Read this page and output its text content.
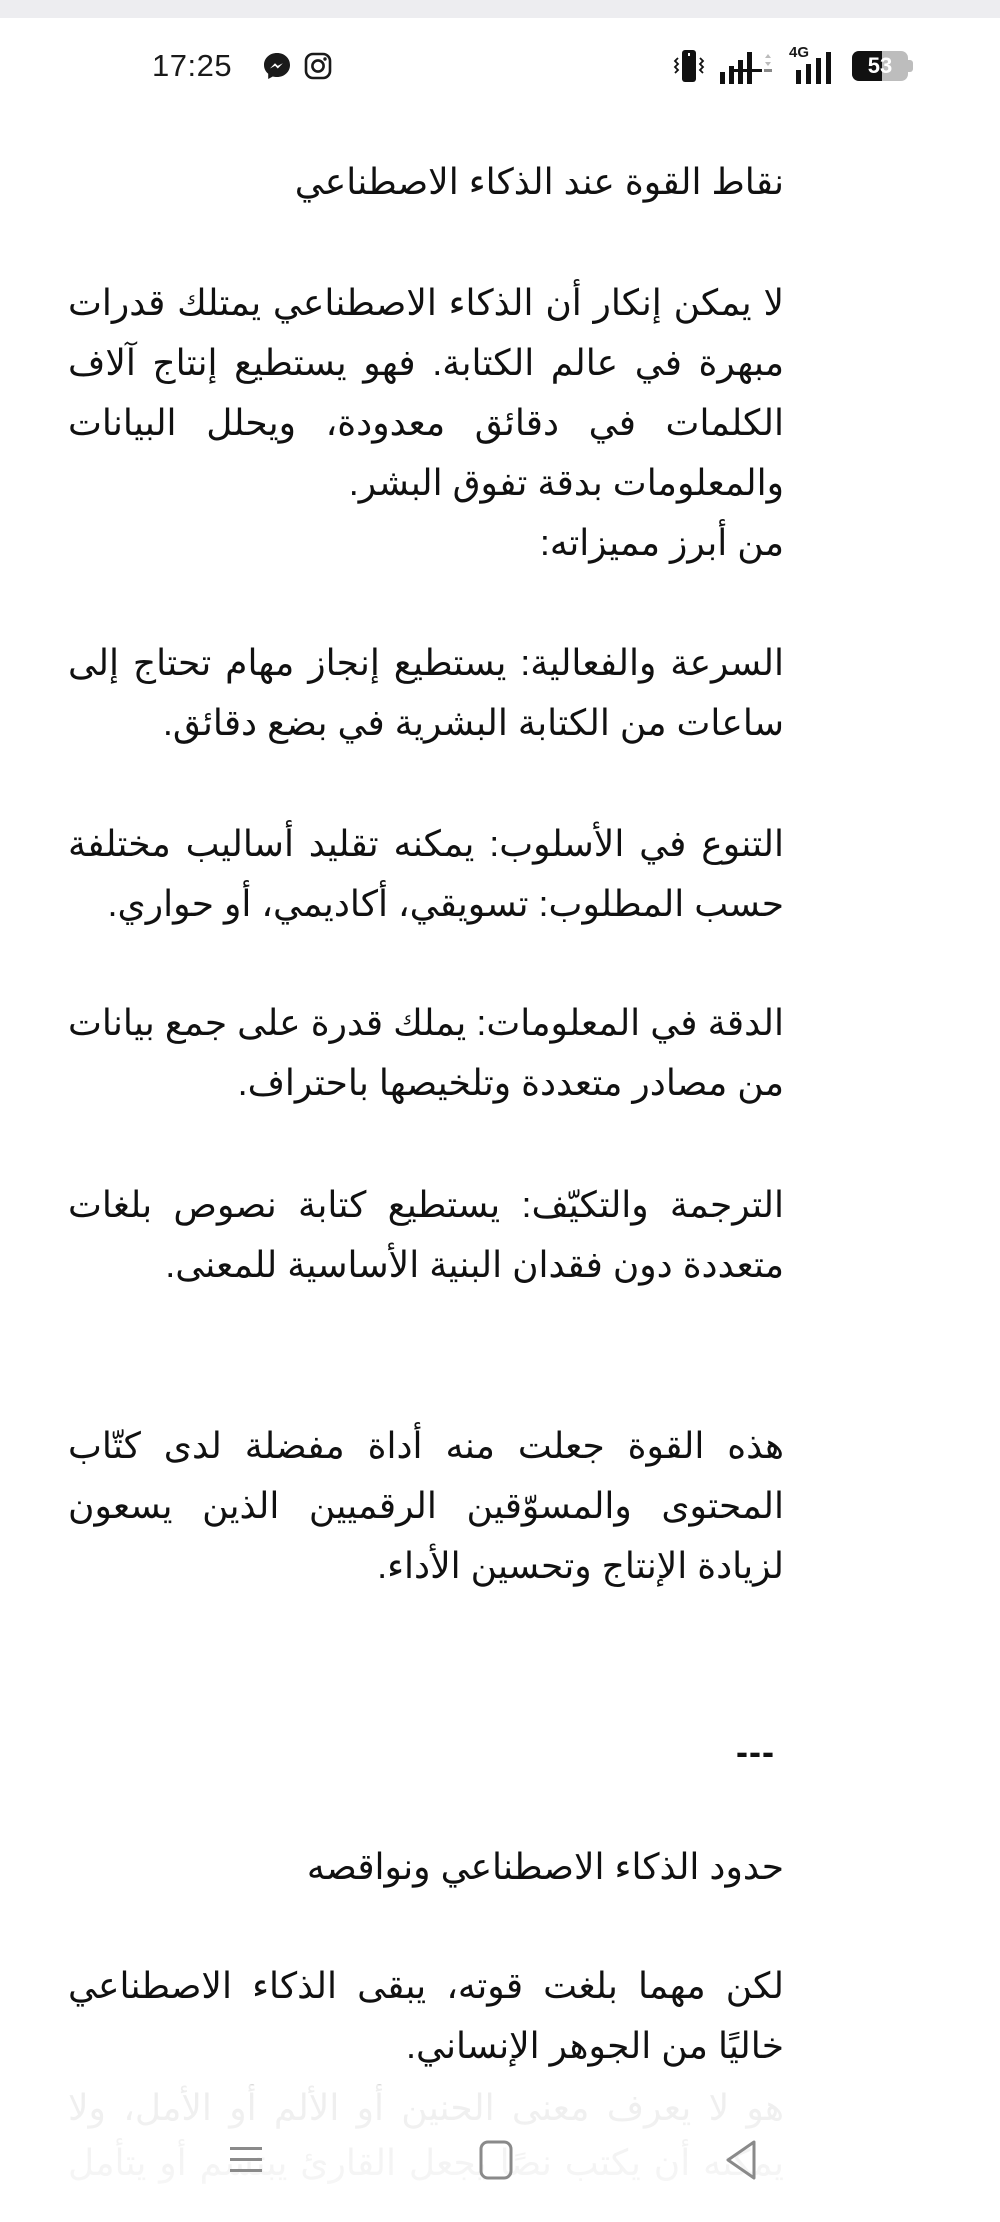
17:25	4G
53
نقاط القوة عند الذكاء الاصطناعي

لا يمكن إنكار أن الذكاء الاصطناعي يمتلك قدرات مبهرة في عالم الكتابة. فهو يستطيع إنتاج آلاف الكلمات في دقائق معدودة، ويحلل البيانات والمعلومات بدقة تفوق البشر.

من أبرز مميزاته:

السرعة والفعالية: يستطيع إنجاز مهام تحتاج إلى ساعات من الكتابة البشرية في بضع دقائق.

التنوع في الأسلوب: يمكنه تقليد أساليب مختلفة حسب المطلوب: تسويقي، أكاديمي، أو حواري.

الدقة في المعلومات: يملك قدرة على جمع بيانات من مصادر متعددة وتلخيصها باحتراف.

الترجمة والتكيّف: يستطيع كتابة نصوص بلغات متعددة دون فقدان البنية الأساسية للمعنى.

هذه القوة جعلت منه أداة مفضلة لدى كتّاب المحتوى والمسوّقين الرقميين الذين يسعون لزيادة الإنتاج وتحسين الأداء.

---
حدود الذكاء الاصطناعي ونواقصه

لكن مهما بلغت قوته، يبقى الذكاء الاصطناعي خاليًا من الجوهر الإنساني.
